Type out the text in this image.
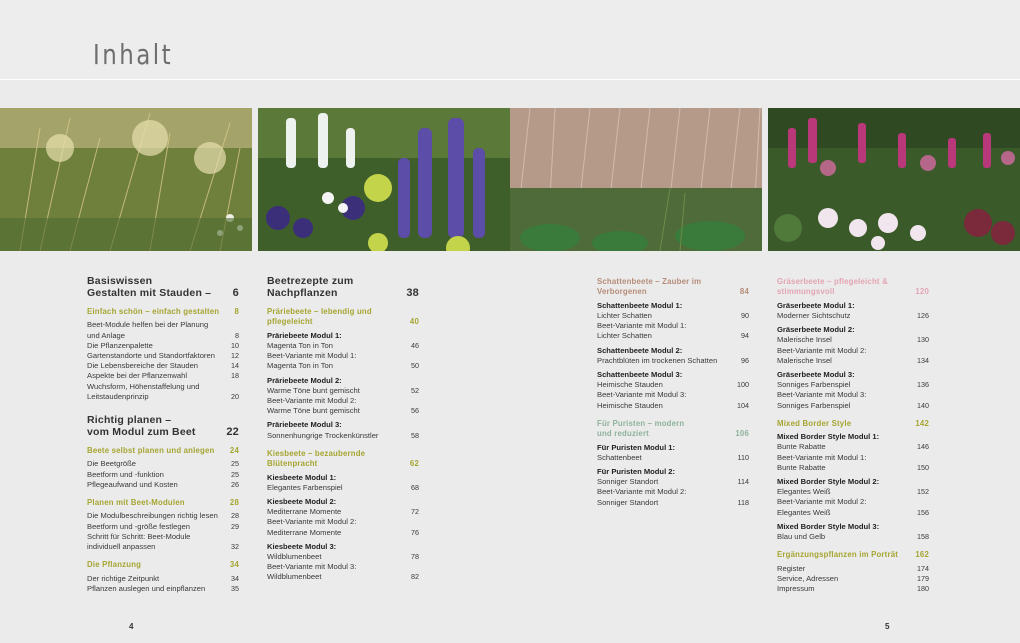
Inhalt
Basiswissen
Gestalten mit Stauden – 6
Einfach schön – einfach gestalten 8
Beet-Module helfen bei der Planung
und Anlage	8
Die Pflanzenpalette	10
Gartenstandorte und Standortfaktoren 12
Die Lebensbereiche der Stauden	14
Aspekte bei der Pflanzenwahl	18
Wuchsform, Höhenstaffelung und
Leitstaudenprinzip	20
Richtig planen –
vom Modul zum Beet	22
Beete selbst planen und anlegen 24
Die Beetgröße	25
Beetform und -funktion	25
Pflegeaufwand und Kosten	26
Planen mit Beet-Modulen	28
Die Modulbeschreibungen richtig lesen 28
Beetform und -größe festlegen	29
Schritt für Schritt: Beet-Module
individuell anpassen	32
Die Pflanzung	34
Der richtige Zeitpunkt	34
Pflanzen auslegen und einpflanzen	35
Beetrezepte zum
Nachpflanzen	38
Präriebeete – lebendig und
pflegeleicht	40
Präriebeete Modul 1:
Magenta Ton in Ton	46
Beet-Variante mit Modul 1:
Magenta Ton in Ton	50
Präriebeete Modul 2:
Warme Töne bunt gemischt	52
Beet-Variante mit Modul 2:
Warme Töne bunt gemischt	56
Präriebeete Modul 3:
Sonnenhungrige Trockenkünstler	58
Kiesbeete – bezaubernde
Blütenpracht	62
Kiesbeete Modul 1:
Elegantes Farbenspiel	68
Kiesbeete Modul 2:
Mediterrane Momente	72
Beet-Variante mit Modul 2:
Mediterrane Momente	76
Kiesbeete Modul 3:
Wildblumenbeet	78
Beet-Variante mit Modul 3:
Wildblumenbeet	82
Schattenbeete – Zauber im
Verborgenen	84
Schattenbeete Modul 1:
Lichter Schatten	90
Beet-Variante mit Modul 1:
Lichter Schatten	94
Schattenbeete Modul 2:
Prachtblüten im trockenen Schatten	96
Schattenbeete Modul 3:
Heimische Stauden	100
Beet-Variante mit Modul 3:
Heimische Stauden	104
Für Puristen – modern
und reduziert	106
Für Puristen Modul 1:
Schattenbeet	110
Für Puristen Modul 2:
Sonniger Standort	114
Beet-Variante mit Modul 2:
Sonniger Standort	118
Gräserbeete – pflegeleicht &
stimmungsvoll	120
Gräserbeete Modul 1:
Moderner Sichtschutz	126
Gräserbeete Modul 2:
Malerische Insel	130
Beet-Variante mit Modul 2:
Malerische Insel	134
Gräserbeete Modul 3:
Sonniges Farbenspiel	136
Beet-Variante mit Modul 3:
Sonniges Farbenspiel	140
Mixed Border Style	142
Mixed Border Style Modul 1:
Bunte Rabatte	146
Beet-Variante mit Modul 1:
Bunte Rabatte	150
Mixed Border Style Modul 2:
Elegantes Weiß	152
Beet-Variante mit Modul 2:
Elegantes Weiß	156
Mixed Border Style Modul 3:
Blau und Gelb	158
Ergänzungspflanzen im Porträt 162
Register	174
Service, Adressen	179
Impressum	180
4	5
